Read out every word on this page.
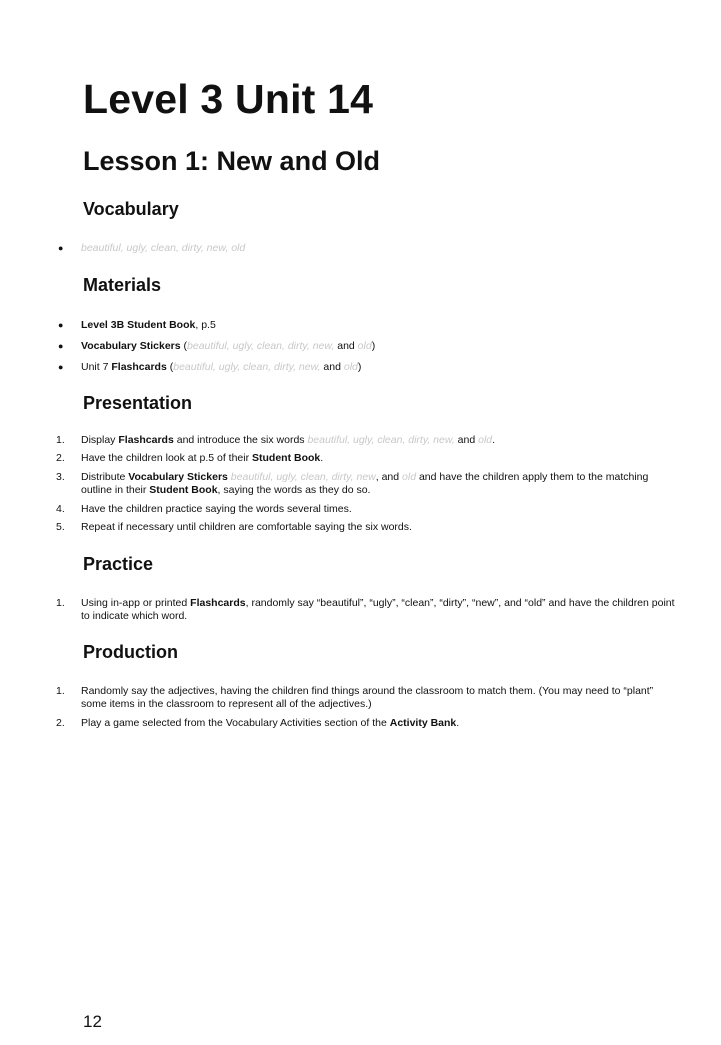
Level 3 Unit 14
Lesson 1: New and Old
Vocabulary
● beautiful, ugly, clean, dirty, new, old
Materials
● Level 3B Student Book, p.5
● Vocabulary Stickers (beautiful, ugly, clean, dirty, new, and old)
● Unit 7 Flashcards (beautiful, ugly, clean, dirty, new, and old)
Presentation
1. Display Flashcards and introduce the six words beautiful, ugly, clean, dirty, new, and old.
2. Have the children look at p.5 of their Student Book.
3. Distribute Vocabulary Stickers beautiful, ugly, clean, dirty, new, and old and have the children apply them to the matching outline in their Student Book, saying the words as they do so.
4. Have the children practice saying the words several times.
5. Repeat if necessary until children are comfortable saying the six words.
Practice
1. Using in-app or printed Flashcards, randomly say “beautiful”, “ugly”, “clean”, “dirty”, “new”, and “old” and have the children point to indicate which word.
Production
1. Randomly say the adjectives, having the children find things around the classroom to match them. (You may need to “plant” some items in the classroom to represent all of the adjectives.)
2. Play a game selected from the Vocabulary Activities section of the Activity Bank.
12
